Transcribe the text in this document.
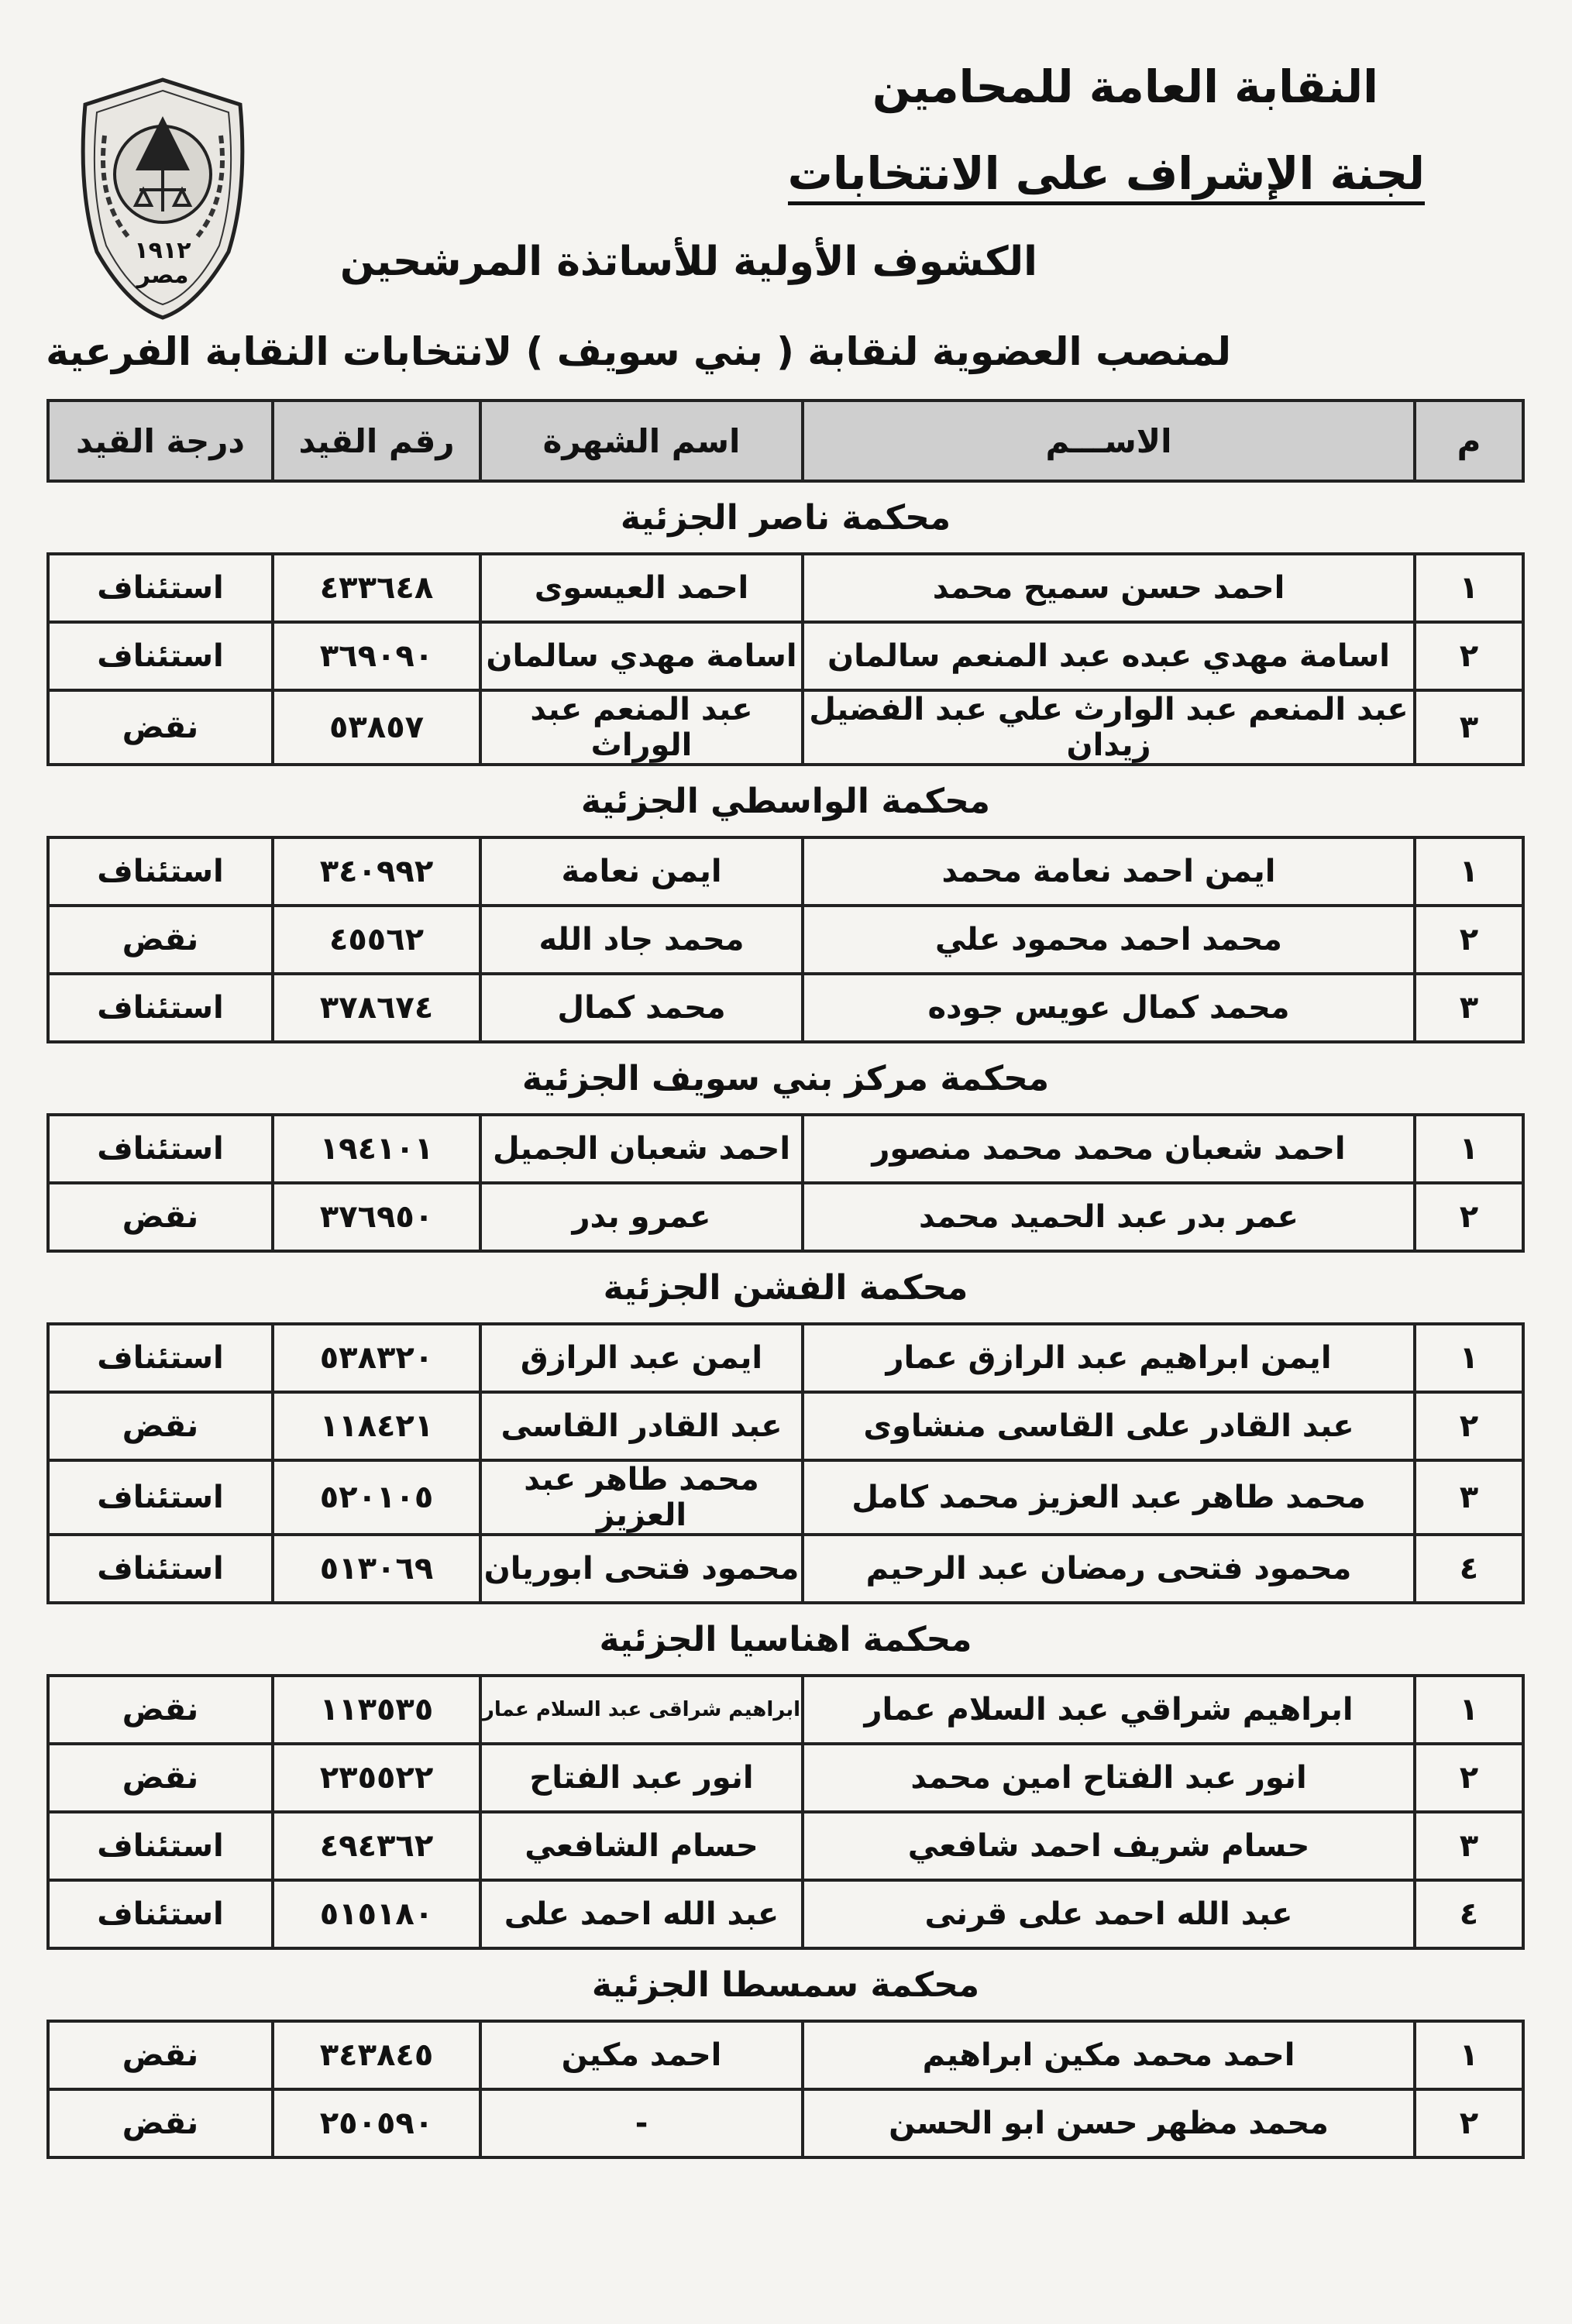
النقابة العامة للمحامين
لجنة الإشراف على الانتخابات
الكشوف الأولية للأساتذة المرشحين
لمنصب العضوية لنقابة ( بني سويف ) لانتخابات النقابة الفرعية
١٩١٢
مصر
م	الاســـم	اسم الشهرة	رقم القيد	درجة القيد
محكمة ناصر الجزئية				
١	احمد حسن سميح محمد	احمد العيسوى	٤٣٣٦٤٨	استئناف
٢	اسامة مهدي عبده عبد المنعم سالمان	اسامة مهدي سالمان	٣٦٩٠٩٠	استئناف
٣	عبد المنعم عبد الوارث علي عبد الفضيل زيدان	عبد المنعم عبد الوراث	٥٣٨٥٧	نقض
محكمة الواسطي الجزئية				
١	ايمن احمد نعامة محمد	ايمن نعامة	٣٤٠٩٩٢	استئناف
٢	محمد احمد محمود علي	محمد جاد الله	٤٥٥٦٢	نقض
٣	محمد كمال عويس جوده	محمد كمال	٣٧٨٦٧٤	استئناف
محكمة مركز بني سويف الجزئية				
١	احمد شعبان محمد محمد منصور	احمد شعبان الجميل	١٩٤١٠١	استئناف
٢	عمر بدر عبد الحميد محمد	عمرو بدر	٣٧٦٩٥٠	نقض
محكمة الفشن الجزئية				
١	ايمن ابراهيم عبد الرازق عمار	ايمن عبد الرازق	٥٣٨٣٢٠	استئناف
٢	عبد القادر على القاسى منشاوى	عبد القادر القاسى	١١٨٤٢١	نقض
٣	محمد طاهر عبد العزيز محمد كامل	محمد طاهر عبد العزيز	٥٢٠١٠٥	استئناف
٤	محمود فتحى رمضان عبد الرحيم	محمود فتحى ابوريان	٥١٣٠٦٩	استئناف
محكمة اهناسيا الجزئية				
١	ابراهيم شراقي عبد السلام عمار	ابراهيم شراقى عبد السلام عمار	١١٣٥٣٥	نقض
٢	انور عبد الفتاح امين محمد	انور عبد الفتاح	٢٣٥٥٢٢	نقض
٣	حسام شريف احمد شافعي	حسام الشافعي	٤٩٤٣٦٢	استئناف
٤	عبد الله احمد على قرنى	عبد الله احمد على	٥١٥١٨٠	استئناف
محكمة سمسطا الجزئية				
١	احمد محمد مكين ابراهيم	احمد مكين	٣٤٣٨٤٥	نقض
٢	محمد مظهر حسن ابو الحسن	-	٢٥٠٥٩٠	نقض
